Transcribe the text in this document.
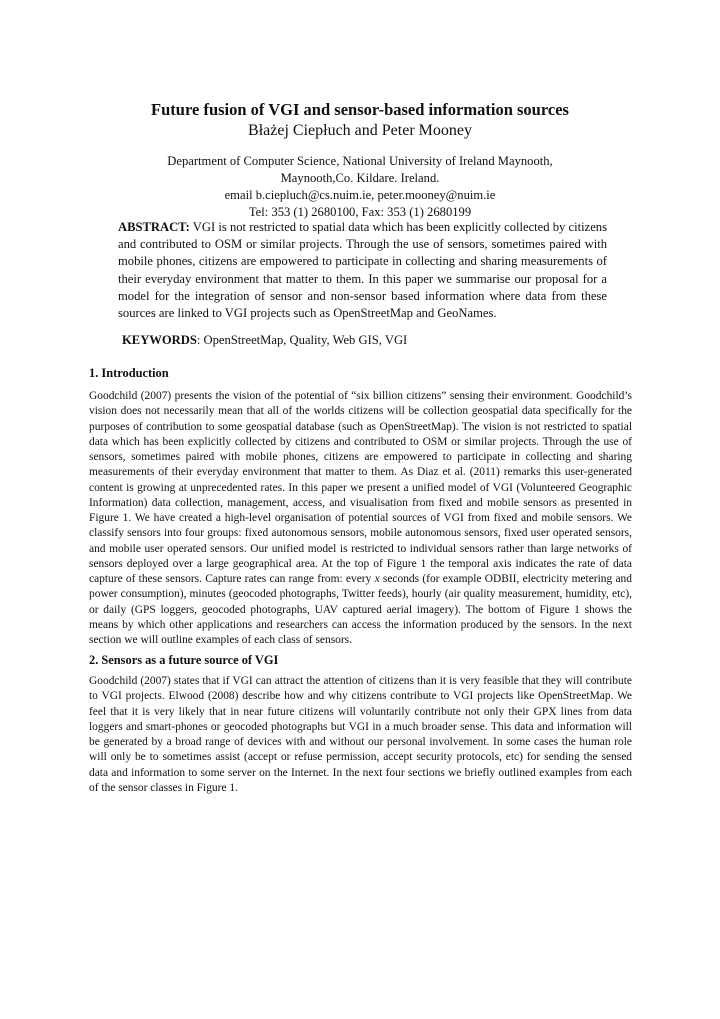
Future fusion of VGI and sensor-based information sources
Błażej Ciepłuch and Peter Mooney
Department of Computer Science, National University of Ireland Maynooth,
Maynooth,Co. Kildare. Ireland.
email b.ciepluch@cs.nuim.ie, peter.mooney@nuim.ie
Tel: 353 (1) 2680100, Fax: 353 (1) 2680199

ABSTRACT: VGI is not restricted to spatial data which has been explicitly collected by citizens and contributed to OSM or similar projects. Through the use of sensors, sometimes paired with mobile phones, citizens are empowered to participate in collecting and sharing measurements of their everyday environment that matter to them. In this paper we summarise our proposal for a model for the integration of sensor and non-sensor based information where data from these sources are linked to VGI projects such as OpenStreetMap and GeoNames.

KEYWORDS: OpenStreetMap, Quality, Web GIS, VGI

1. Introduction

Goodchild (2007) presents the vision of the potential of “six billion citizens” sensing their environment. Goodchild’s vision does not necessarily mean that all of the worlds citizens will be collection geospatial data specifically for the purposes of contribution to some geospatial database (such as OpenStreetMap). The vision is not restricted to spatial data which has been explicitly collected by citizens and contributed to OSM or similar projects. Through the use of sensors, sometimes paired with mobile phones, citizens are empowered to participate in collecting and sharing measurements of their everyday environment that matter to them. As Diaz et al. (2011) remarks this user-generated content is growing at unprecedented rates. In this paper we present a unified model of VGI (Volunteered Geographic Information) data collection, management, access, and visualisation from fixed and mobile sensors as presented in Figure 1. We have created a high-level organisation of potential sources of VGI from fixed and mobile sensors. We classify sensors into four groups: fixed autonomous sensors, mobile autonomous sensors, fixed user operated sensors, and mobile user operated sensors. Our unified model is restricted to individual sensors rather than large networks of sensors deployed over a large geographical area. At the top of Figure 1 the temporal axis indicates the rate of data capture of these sensors. Capture rates can range from: every x seconds (for example ODBII, electricity metering and power consumption), minutes (geocoded photographs, Twitter feeds), hourly (air quality measurement, humidity, etc), or daily (GPS loggers, geocoded photographs, UAV captured aerial imagery). The bottom of Figure 1 shows the means by which other applications and researchers can access the information produced by the sensors. In the next section we will outline examples of each class of sensors.

2. Sensors as a future source of VGI

Goodchild (2007) states that if VGI can attract the attention of citizens than it is very feasible that they will contribute to VGI projects. Elwood (2008) describe how and why citizens contribute to VGI projects like OpenStreetMap. We feel that it is very likely that in near future citizens will voluntarily contribute not only their GPX lines from data loggers and smart-phones or geocoded photographs but VGI in a much broader sense. This data and information will be generated by a broad range of devices with and without our personal involvement. In some cases the human role will only be to sometimes assist (accept or refuse permission, accept security protocols, etc) for sending the sensed data and information to some server on the Internet. In the next four sections we briefly outlined examples from each of the sensor classes in Figure 1.
